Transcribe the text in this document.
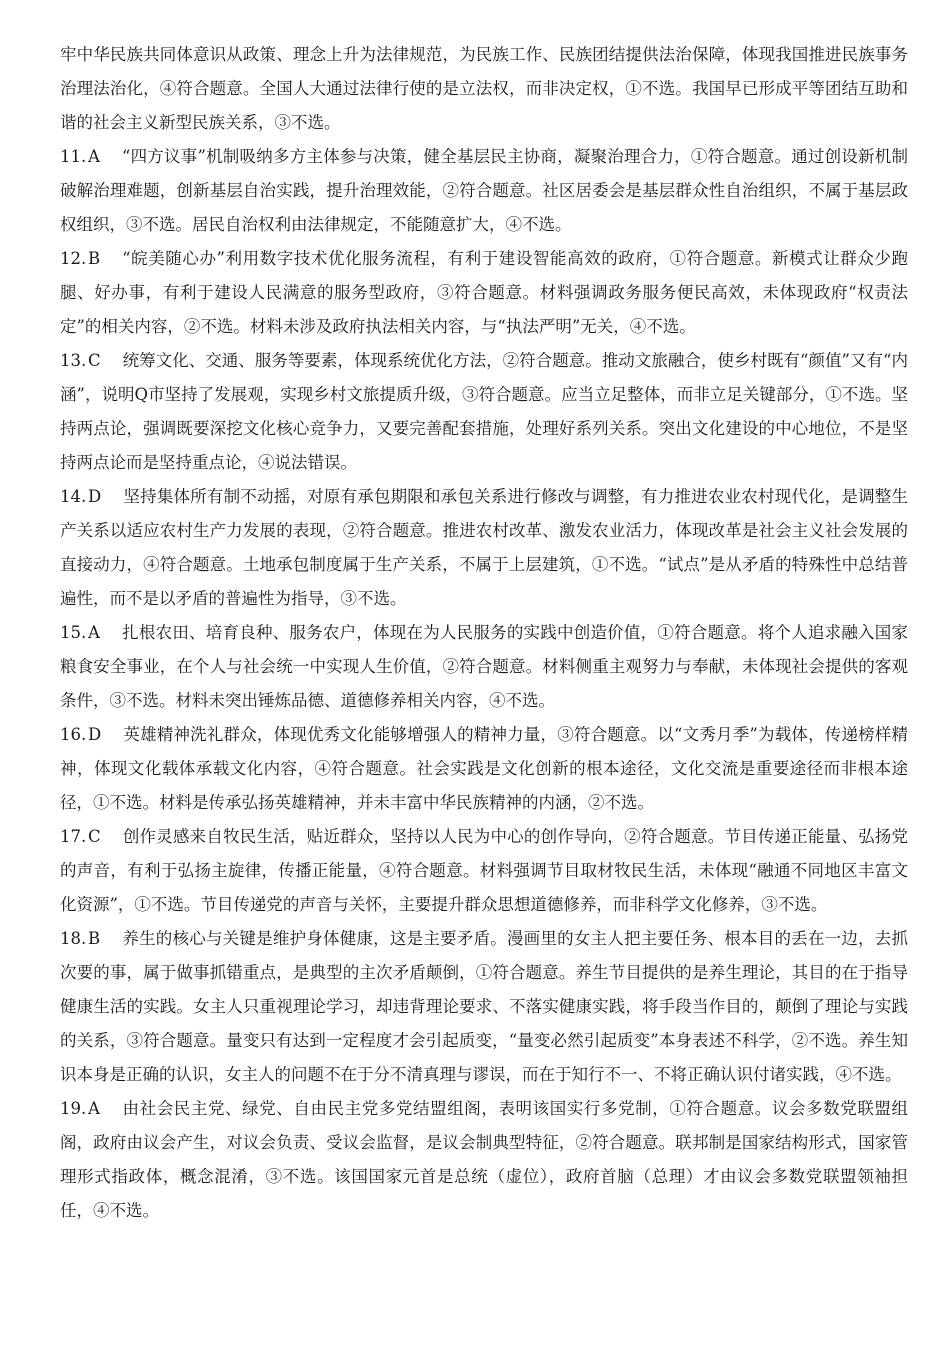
牢中华民族共同体意识从政策、理念上升为法律规范，为民族工作、民族团结提供法治保障，体现我国推进民族事务治理法治化，④符合题意。全国人大通过法律行使的是立法权，而非决定权，①不选。我国早已形成平等团结互助和谐的社会主义新型民族关系，③不选。

11. A “四方议事”机制吸纳多方主体参与决策，健全基层民主协商，凝聚治理合力，①符合题意。通过创设新机制破解治理难题，创新基层自治实践，提升治理效能，②符合题意。社区居委会是基层群众性自治组织，不属于基层政权组织，③不选。居民自治权利由法律规定，不能随意扩大，④不选。

12. B “皖美随心办”利用数字技术优化服务流程，有利于建设智能高效的政府，①符合题意。新模式让群众少跑腿、好办事，有利于建设人民满意的服务型政府，③符合题意。材料强调政务服务便民高效，未体现政府“权责法定”的相关内容，②不选。材料未涉及政府执法相关内容，与“执法严明”无关，④不选。

13. C 统筹文化、交通、服务等要素，体现系统优化方法，②符合题意。推动文旅融合，使乡村既有“颜值”又有“内涵”，说明Q市坚持了发展观，实现乡村文旅提质升级，③符合题意。应当立足整体，而非立足关键部分，①不选。坚持两点论，强调既要深挖文化核心竞争力，又要完善配套措施，处理好系列关系。突出文化建设的中心地位，不是坚持两点论而是坚持重点论，④说法错误。

14. D 坚持集体所有制不动摇，对原有承包期限和承包关系进行修改与调整，有力推进农业农村现代化，是调整生产关系以适应农村生产力发展的表现，②符合题意。推进农村改革、激发农业活力，体现改革是社会主义社会发展的直接动力，④符合题意。土地承包制度属于生产关系，不属于上层建筑，①不选。“试点”是从矛盾的特殊性中总结普遍性，而不是以矛盾的普遍性为指导，③不选。

15. A 扎根农田、培育良种、服务农户，体现在为人民服务的实践中创造价值，①符合题意。将个人追求融入国家粮食安全事业，在个人与社会统一中实现人生价值，②符合题意。材料侧重主观努力与奉献，未体现社会提供的客观条件，③不选。材料未突出锤炼品德、道德修养相关内容，④不选。

16. D 英雄精神洗礼群众，体现优秀文化能够增强人的精神力量，③符合题意。以“文秀月季”为载体，传递榜样精神，体现文化载体承载文化内容，④符合题意。社会实践是文化创新的根本途径，文化交流是重要途径而非根本途径，①不选。材料是传承弘扬英雄精神，并未丰富中华民族精神的内涵，②不选。

17. C 创作灵感来自牧民生活，贴近群众，坚持以人民为中心的创作导向，②符合题意。节目传递正能量、弘扬党的声音，有利于弘扬主旋律，传播正能量，④符合题意。材料强调节目取材牧民生活，未体现“融通不同地区丰富文化资源”，①不选。节目传递党的声音与关怀，主要提升群众思想道德修养，而非科学文化修养，③不选。

18. B 养生的核心与关键是维护身体健康，这是主要矛盾。漫画里的女主人把主要任务、根本目的丢在一边，去抓次要的事，属于做事抓错重点，是典型的主次矛盾颠倒，①符合题意。养生节目提供的是养生理论，其目的在于指导健康生活的实践。女主人只重视理论学习，却违背理论要求、不落实健康实践，将手段当作目的，颠倒了理论与实践的关系，③符合题意。量变只有达到一定程度才会引起质变，“量变必然引起质变”本身表述不科学，②不选。养生知识本身是正确的认识，女主人的问题不在于分不清真理与谬误，而在于知行不一、不将正确认识付诸实践，④不选。

19. A 由社会民主党、绿党、自由民主党多党结盟组阁，表明该国实行多党制，①符合题意。议会多数党联盟组阁，政府由议会产生，对议会负责、受议会监督，是议会制典型特征，②符合题意。联邦制是国家结构形式，国家管理形式指政体，概念混淆，③不选。该国国家元首是总统（虚位），政府首脑（总理）才由议会多数党联盟领袖担任，④不选。
